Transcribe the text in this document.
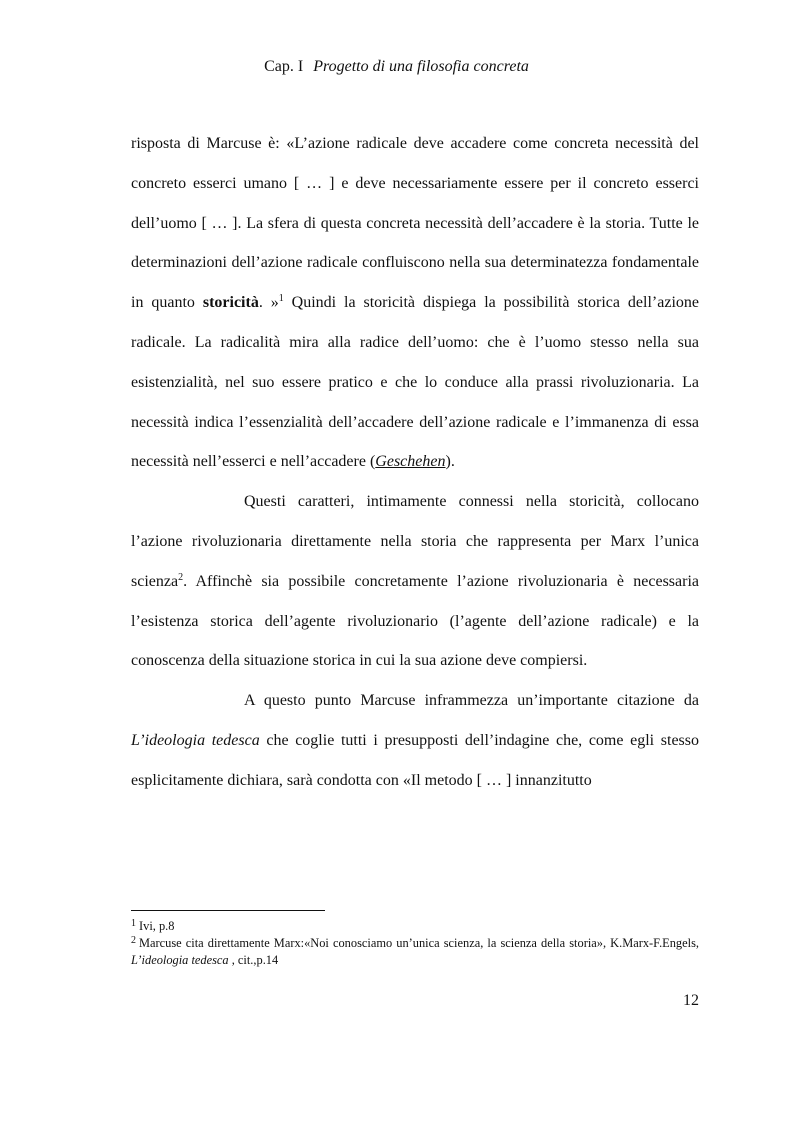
Cap. I Progetto di una filosofia concreta

risposta di Marcuse è: «L’azione radicale deve accadere come concreta necessità del concreto esserci umano [ … ] e deve necessariamente essere per il concreto esserci dell’uomo [ … ]. La sfera di questa concreta necessità dell’accadere è la storia. Tutte le determinazioni dell’azione radicale confluiscono nella sua determinatezza fondamentale in quanto storicità. »$^1$ Quindi la storicità dispiega la possibilità storica dell’azione radicale. La radicalità mira alla radice dell’uomo: che è l’uomo stesso nella sua esistenzialità, nel suo essere pratico e che lo conduce alla prassi rivoluzionaria. La necessità indica l’essenzialità dell’accadere dell’azione radicale e l’immanenza di essa necessità nell’esserci e nell’accadere (Geschehen).

Questi caratteri, intimamente connessi nella storicità, collocano l’azione rivoluzionaria direttamente nella storia che rappresenta per Marx l’unica scienza$^2$. Affinchè sia possibile concretamente l’azione rivoluzionaria è necessaria l’esistenza storica dell’agente rivoluzionario (l’agente dell’azione radicale) e la conoscenza della situazione storica in cui la sua azione deve compiersi.

A questo punto Marcuse inframmezza un’importante citazione da L’ideologia tedesca che coglie tutti i presupposti dell’indagine che, come egli stesso esplicitamente dichiara, sarà condotta con «Il metodo [ … ] innanzitutto

$^1$ Ivi, p.8

$^2$ Marcuse cita direttamente Marx:«Noi conosciamo un’unica scienza, la scienza della storia», K.Marx-F.Engels, L’ideologia tedesca , cit.,p.14

12
